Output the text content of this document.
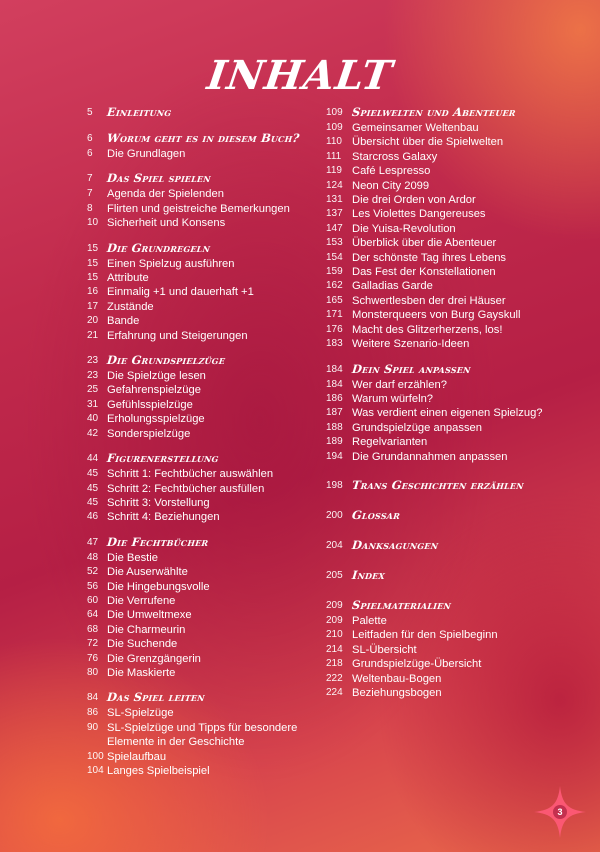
INHALT
5	Einleitung
6	Worum geht es in diesem Buch?
6	Die Grundlagen
7	Das Spiel spielen
7	Agenda der Spielenden
8	Flirten und geistreiche Bemerkungen
10 Sicherheit und Konsens
15 Die Grundregeln
15 Einen Spielzug ausführen
15 Attribute
16 Einmalig +1 und dauerhaft +1
17 Zustände
20 Bande
21 Erfahrung und Steigerungen
23 Die Grundspielzüge
23 Die Spielzüge lesen
25 Gefahrenspielzüge
31 Gefühlsspielzüge
40 Erholungsspielzüge
42 Sonderspielzüge
44 Figurenerstellung
45 Schritt 1: Fechtbücher auswählen
45 Schritt 2: Fechtbücher ausfüllen
45 Schritt 3: Vorstellung
46 Schritt 4: Beziehungen
47 Die Fechtbücher
48 Die Bestie
52 Die Auserwählte
56 Die Hingebungsvolle
60 Die Verrufene
64 Die Umweltmexe
68 Die Charmeurin
72 Die Suchende
76 Die Grenzgängerin
80 Die Maskierte
84 Das Spiel leiten
86 SL-Spielzüge
90 SL-Spielzüge und Tipps für besondere Elemente in der Geschichte
100 Spielaufbau
104 Langes Spielbeispiel
109 Spielwelten und Abenteuer
109 Gemeinsamer Weltenbau
110 Übersicht über die Spielwelten
111 Starcross Galaxy
119 Café Lespresso
124 Neon City 2099
131 Die drei Orden von Ardor
137 Les Violettes Dangereuses
147 Die Yuisa-Revolution
153 Überblick über die Abenteuer
154 Der schönste Tag ihres Lebens
159 Das Fest der Konstellationen
162 Galladias Garde
165 Schwertlesben der drei Häuser
171 Monsterqueers von Burg Gayskull
176 Macht des Glitzerherzens, los!
183 Weitere Szenario-Ideen
184 Dein Spiel anpassen
184 Wer darf erzählen?
186 Warum würfeln?
187 Was verdient einen eigenen Spielzug?
188 Grundspielzüge anpassen
189 Regelvarianten
194 Die Grundannahmen anpassen
198 Trans Geschichten erzählen
200 Glossar
204 Danksagungen
205 Index
209 Spielmaterialien
209 Palette
210 Leitfaden für den Spielbeginn
214 SL-Übersicht
218 Grundspielzüge-Übersicht
222 Weltenbau-Bogen
224 Beziehungsbogen
3
